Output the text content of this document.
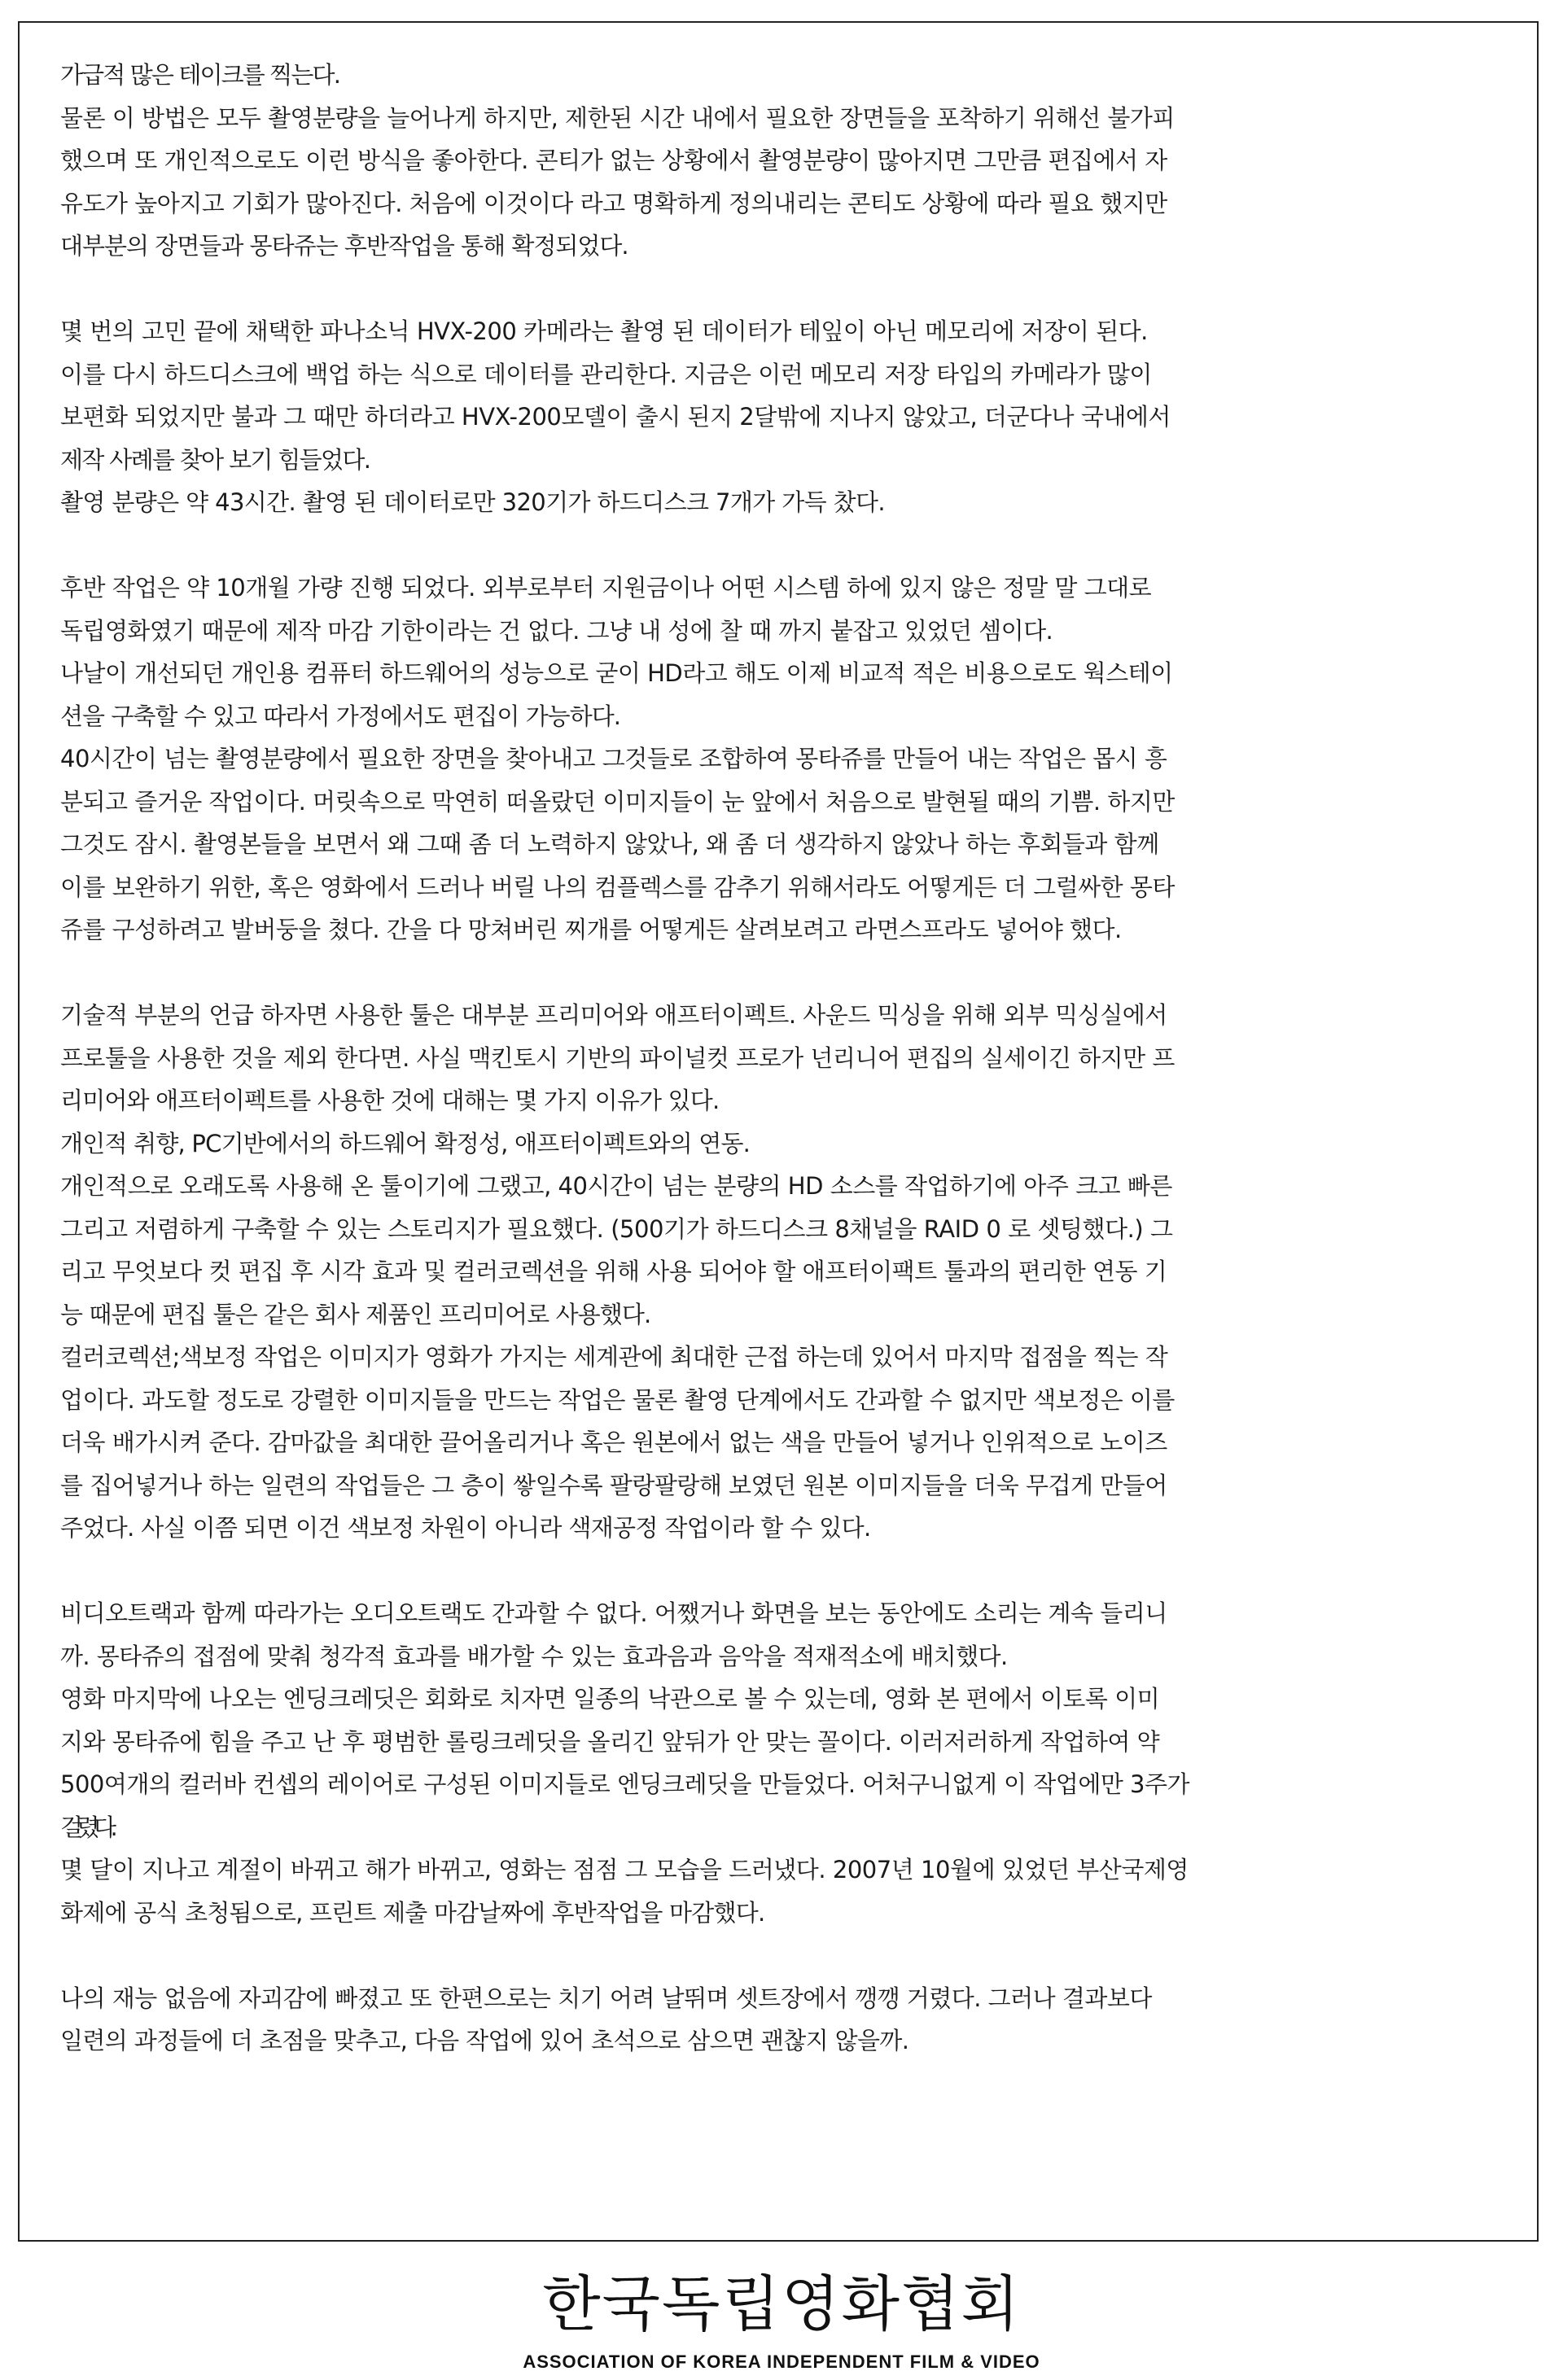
가급적 많은 테이크를 찍는다.
물론 이 방법은 모두 촬영분량을 늘어나게 하지만, 제한된 시간 내에서 필요한 장면들을 포착하기 위해선 불가피
했으며 또 개인적으로도 이런 방식을 좋아한다. 콘티가 없는 상황에서 촬영분량이 많아지면 그만큼 편집에서 자
유도가 높아지고 기회가 많아진다. 처음에 이것이다 라고 명확하게 정의내리는 콘티도 상황에 따라 필요 했지만
대부분의 장면들과 몽타쥬는 후반작업을 통해 확정되었다.
몇 번의 고민 끝에 채택한 파나소닉 HVX-200 카메라는 촬영 된 데이터가 테잎이 아닌 메모리에 저장이 된다.
이를 다시 하드디스크에 백업 하는 식으로 데이터를 관리한다. 지금은 이런 메모리 저장 타입의 카메라가 많이
보편화 되었지만 불과 그 때만 하더라고 HVX-200모델이 출시 된지 2달밖에 지나지 않았고, 더군다나 국내에서
제작 사례를 찾아 보기 힘들었다.
촬영 분량은 약 43시간. 촬영 된 데이터로만 320기가 하드디스크 7개가 가득 찼다.
후반 작업은 약 10개월 가량 진행 되었다. 외부로부터 지원금이나 어떤 시스템 하에 있지 않은 정말 말 그대로
독립영화였기 때문에 제작 마감 기한이라는 건 없다. 그냥 내 성에 찰 때 까지 붙잡고 있었던 셈이다.
나날이 개선되던 개인용 컴퓨터 하드웨어의 성능으로 굳이 HD라고 해도 이제 비교적 적은 비용으로도 웍스테이
션을 구축할 수 있고 따라서 가정에서도 편집이 가능하다.
40시간이 넘는 촬영분량에서 필요한 장면을 찾아내고 그것들로 조합하여 몽타쥬를 만들어 내는 작업은 몹시 흥
분되고 즐거운 작업이다. 머릿속으로 막연히 떠올랐던 이미지들이 눈 앞에서 처음으로 발현될 때의 기쁨. 하지만
그것도 잠시. 촬영본들을 보면서 왜 그때 좀 더 노력하지 않았나, 왜 좀 더 생각하지 않았나 하는 후회들과 함께
이를 보완하기 위한, 혹은 영화에서 드러나 버릴 나의 컴플렉스를 감추기 위해서라도 어떻게든 더 그럴싸한 몽타
쥬를 구성하려고 발버둥을 쳤다. 간을 다 망쳐버린 찌개를 어떻게든 살려보려고 라면스프라도 넣어야 했다.
기술적 부분의 언급 하자면 사용한 툴은 대부분 프리미어와 애프터이펙트. 사운드 믹싱을 위해 외부 믹싱실에서
프로툴을 사용한 것을 제외 한다면. 사실 맥킨토시 기반의 파이널컷 프로가 넌리니어 편집의 실세이긴 하지만 프
리미어와 애프터이펙트를 사용한 것에 대해는 몇 가지 이유가 있다.
개인적 취향, PC기반에서의 하드웨어 확정성, 애프터이펙트와의 연동.
개인적으로 오래도록 사용해 온 툴이기에 그랬고, 40시간이 넘는 분량의 HD 소스를 작업하기에 아주 크고 빠른
그리고 저렴하게 구축할 수 있는 스토리지가 필요했다. (500기가 하드디스크 8채널을 RAID 0 로 셋팅했다.) 그
리고 무엇보다 컷 편집 후 시각 효과 및 컬러코렉션을 위해 사용 되어야 할 애프터이팩트 툴과의 편리한 연동 기
능 때문에 편집 툴은 같은 회사 제품인 프리미어로 사용했다.
컬러코렉션;색보정 작업은 이미지가 영화가 가지는 세계관에 최대한 근접 하는데 있어서 마지막 접점을 찍는 작
업이다. 과도할 정도로 강렬한 이미지들을 만드는 작업은 물론 촬영 단계에서도 간과할 수 없지만 색보정은 이를
더욱 배가시켜 준다. 감마값을 최대한 끌어올리거나 혹은 원본에서 없는 색을 만들어 넣거나 인위적으로 노이즈
를 집어넣거나 하는 일련의 작업들은 그 층이 쌓일수록 팔랑팔랑해 보였던 원본 이미지들을 더욱 무겁게 만들어
주었다. 사실 이쯤 되면 이건 색보정 차원이 아니라 색재공정 작업이라 할 수 있다.
비디오트랙과 함께 따라가는 오디오트랙도 간과할 수 없다. 어쨌거나 화면을 보는 동안에도 소리는 계속 들리니
까. 몽타쥬의 접점에 맞춰 청각적 효과를 배가할 수 있는 효과음과 음악을 적재적소에 배치했다.
영화 마지막에 나오는 엔딩크레딧은 회화로 치자면 일종의 낙관으로 볼 수 있는데, 영화 본 편에서 이토록 이미
지와 몽타쥬에 힘을 주고 난 후 평범한 롤링크레딧을 올리긴 앞뒤가 안 맞는 꼴이다. 이러저러하게 작업하여 약
500여개의 컬러바 컨셉의 레이어로 구성된 이미지들로 엔딩크레딧을 만들었다. 어처구니없게 이 작업에만 3주가
걸렸다.
몇 달이 지나고 계절이 바뀌고 해가 바뀌고, 영화는 점점 그 모습을 드러냈다. 2007년 10월에 있었던 부산국제영
화제에 공식 초청됨으로, 프린트 제출 마감날짜에 후반작업을 마감했다.
나의 재능 없음에 자괴감에 빠졌고 또 한편으로는 치기 어려 날뛰며 셋트장에서 깽깽 거렸다. 그러나 결과보다
일련의 과정들에 더 초점을 맞추고, 다음 작업에 있어 초석으로 삼으면 괜찮지 않을까.
한국독립영화협회
ASSOCIATION OF KOREA INDEPENDENT FILM & VIDEO
